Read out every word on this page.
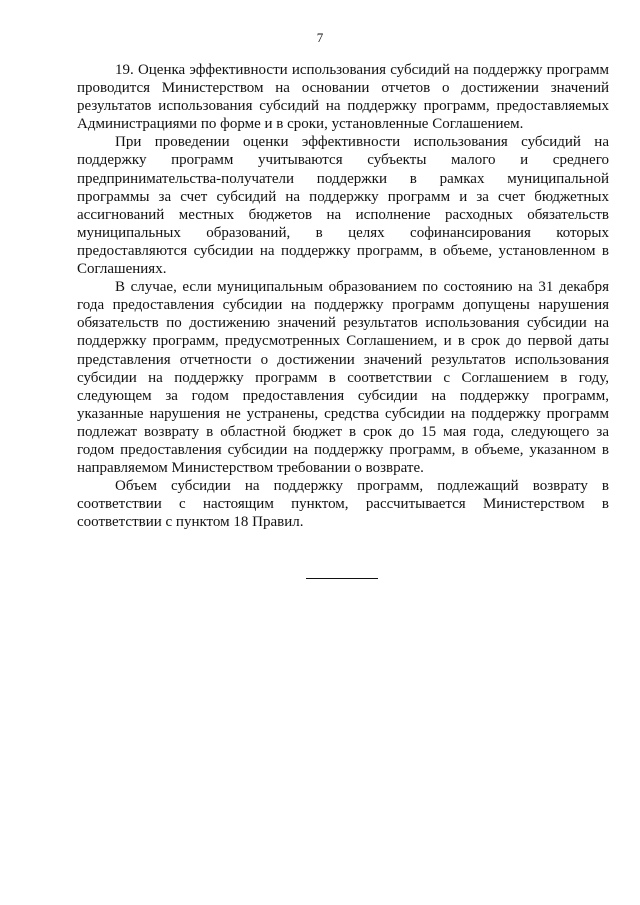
7

19. Оценка эффективности использования субсидий на поддержку программ проводится Министерством на основании отчетов о достижении значений результатов использования субсидий на поддержку программ, предоставляемых Администрациями по форме и в сроки, установленные Соглашением.

При проведении оценки эффективности использования субсидий на поддержку программ учитываются субъекты малого и среднего предпринимательства-получатели поддержки в рамках муниципальной программы за счет субсидий на поддержку программ и за счет бюджетных ассигнований местных бюджетов на исполнение расходных обязательств муниципальных образований, в целях софинансирования которых предоставляются субсидии на поддержку программ, в объеме, установленном в Соглашениях.

В случае, если муниципальным образованием по состоянию на 31 декабря года предоставления субсидии на поддержку программ допущены нарушения обязательств по достижению значений результатов использования субсидии на поддержку программ, предусмотренных Соглашением, и в срок до первой даты представления отчетности о достижении значений результатов использования субсидии на поддержку программ в соответствии с Соглашением в году, следующем за годом предоставления субсидии на поддержку программ, указанные нарушения не устранены, средства субсидии на поддержку программ подлежат возврату в областной бюджет в срок до 15 мая года, следующего за годом предоставления субсидии на поддержку программ, в объеме, указанном в направляемом Министерством требовании о возврате.

Объем субсидии на поддержку программ, подлежащий возврату в соответствии с настоящим пунктом, рассчитывается Министерством в соответствии с пунктом 18 Правил.
